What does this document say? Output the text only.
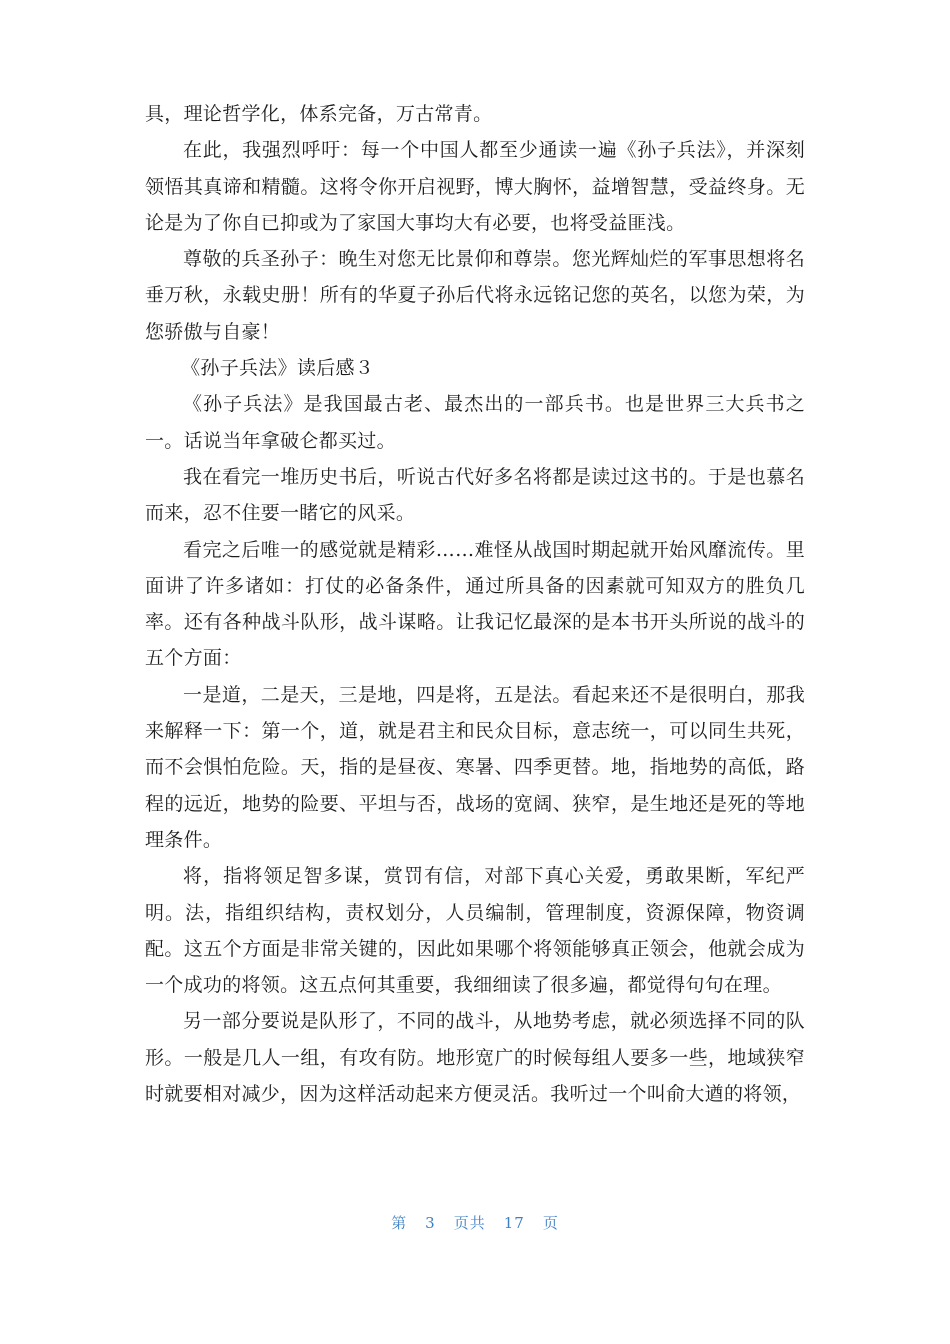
具，理论哲学化，体系完备，万古常青。

在此，我强烈呼吁：每一个中国人都至少通读一遍《孙子兵法》，并深刻领悟其真谛和精髓。这将令你开启视野，博大胸怀，益增智慧，受益终身。无论是为了你自已抑或为了家国大事均大有必要，也将受益匪浅。

尊敬的兵圣孙子：晚生对您无比景仰和尊崇。您光辉灿烂的军事思想将名垂万秋，永载史册！所有的华夏子孙后代将永远铭记您的英名，以您为荣，为您骄傲与自豪！

《孙子兵法》读后感３

《孙子兵法》是我国最古老、最杰出的一部兵书。也是世界三大兵书之一。话说当年拿破仑都买过。

我在看完一堆历史书后，听说古代好多名将都是读过这书的。于是也慕名而来，忍不住要一睹它的风采。

看完之后唯一的感觉就是精彩……难怪从战国时期起就开始风靡流传。里面讲了许多诸如：打仗的必备条件，通过所具备的因素就可知双方的胜负几率。还有各种战斗队形，战斗谋略。让我记忆最深的是本书开头所说的战斗的五个方面：

一是道，二是天，三是地，四是将，五是法。看起来还不是很明白，那我来解释一下：第一个，道，就是君主和民众目标，意志统一，可以同生共死，而不会惧怕危险。天，指的是昼夜、寒暑、四季更替。地，指地势的高低，路程的远近，地势的险要、平坦与否，战场的宽阔、狭窄，是生地还是死的等地理条件。

将，指将领足智多谋，赏罚有信，对部下真心关爱，勇敢果断，军纪严明。法，指组织结构，责权划分，人员编制，管理制度，资源保障，物资调配。这五个方面是非常关键的，因此如果哪个将领能够真正领会，他就会成为一个成功的将领。这五点何其重要，我细细读了很多遍，都觉得句句在理。

另一部分要说是队形了，不同的战斗，从地势考虑，就必须选择不同的队形。一般是几人一组，有攻有防。地形宽广的时候每组人要多一些，地域狭窄时就要相对减少，因为这样活动起来方便灵活。我听过一个叫俞大遒的将领，

第 3 页共 17 页
